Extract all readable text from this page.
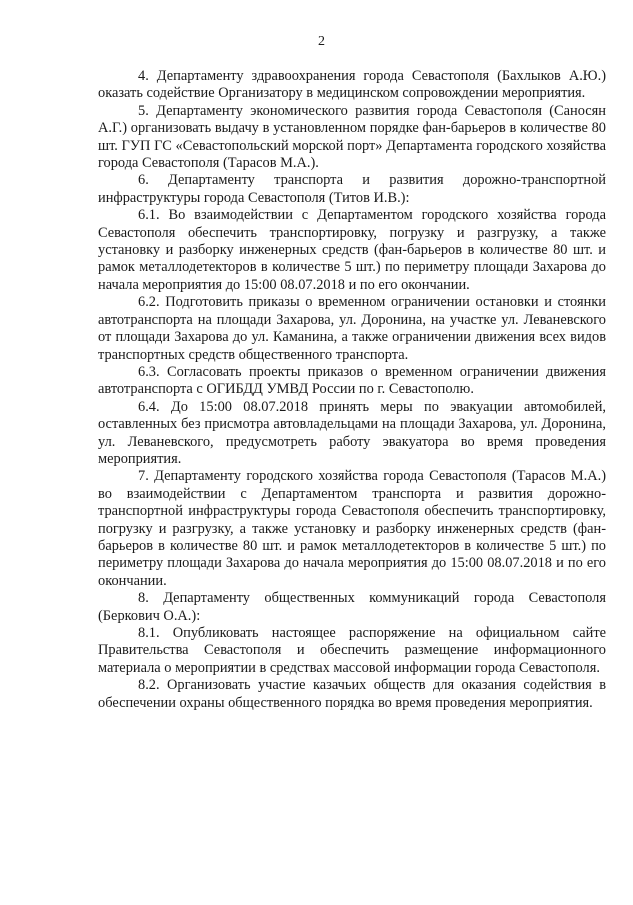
2

4. Департаменту здравоохранения города Севастополя (Бахлыков А.Ю.) оказать содействие Организатору в медицинском сопровождении мероприятия.

5. Департаменту экономического развития города Севастополя (Саносян А.Г.) организовать выдачу в установленном порядке фан-барьеров в количестве 80 шт. ГУП ГС «Севастопольский морской порт» Департамента городского хозяйства города Севастополя (Тарасов М.А.).

6. Департаменту транспорта и развития дорожно-транспортной инфраструктуры города Севастополя (Титов И.В.):

6.1. Во взаимодействии с Департаментом городского хозяйства города Севастополя обеспечить транспортировку, погрузку и разгрузку, а также установку и разборку инженерных средств (фан-барьеров в количестве 80 шт. и рамок металлодетекторов в количестве 5 шт.) по периметру площади Захарова до начала мероприятия до 15:00 08.07.2018 и по его окончании.

6.2. Подготовить приказы о временном ограничении остановки и стоянки автотранспорта на площади Захарова, ул. Доронина, на участке ул. Леваневского от площади Захарова до ул. Каманина, а также ограничении движения всех видов транспортных средств общественного транспорта.

6.3. Согласовать проекты приказов о временном ограничении движения автотранспорта с ОГИБДД УМВД России по г. Севастополю.

6.4. До 15:00 08.07.2018 принять меры по эвакуации автомобилей, оставленных без присмотра автовладельцами на площади Захарова, ул. Доронина, ул. Леваневского, предусмотреть работу эвакуатора во время проведения мероприятия.

7. Департаменту городского хозяйства города Севастополя (Тарасов М.А.) во взаимодействии с Департаментом транспорта и развития дорожно-транспортной инфраструктуры города Севастополя обеспечить транспортировку, погрузку и разгрузку, а также установку и разборку инженерных средств (фан-барьеров в количестве 80 шт. и рамок металлодетекторов в количестве 5 шт.) по периметру площади Захарова до начала мероприятия до 15:00 08.07.2018 и по его окончании.

8. Департаменту общественных коммуникаций города Севастополя (Беркович О.А.):

8.1. Опубликовать настоящее распоряжение на официальном сайте Правительства Севастополя и обеспечить размещение информационного материала о мероприятии в средствах массовой информации города Севастополя.

8.2. Организовать участие казачьих обществ для оказания содействия в обеспечении охраны общественного порядка во время проведения мероприятия.
